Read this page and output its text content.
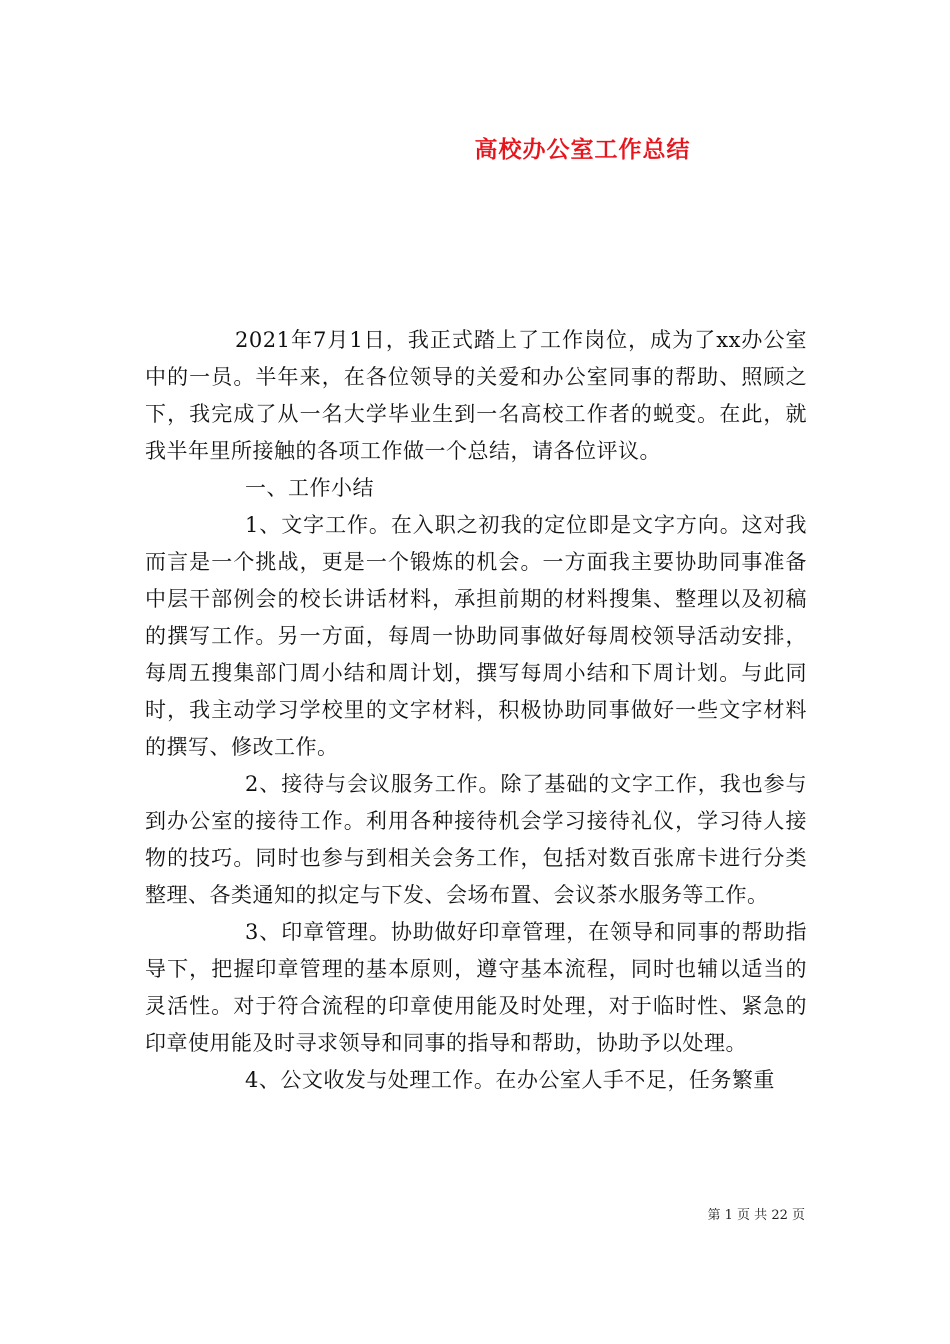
高校办公室工作总结

2021年7月1日，我正式踏上了工作岗位，成为了xx办公室中的一员。半年来，在各位领导的关爱和办公室同事的帮助、照顾之下，我完成了从一名大学毕业生到一名高校工作者的蜕变。在此，就我半年里所接触的各项工作做一个总结，请各位评议。

一、工作小结

1、文字工作。在入职之初我的定位即是文字方向。这对我而言是一个挑战，更是一个锻炼的机会。一方面我主要协助同事准备中层干部例会的校长讲话材料，承担前期的材料搜集、整理以及初稿的撰写工作。另一方面，每周一协助同事做好每周校领导活动安排，每周五搜集部门周小结和周计划，撰写每周小结和下周计划。与此同时，我主动学习学校里的文字材料，积极协助同事做好一些文字材料的撰写、修改工作。

2、接待与会议服务工作。除了基础的文字工作，我也参与到办公室的接待工作。利用各种接待机会学习接待礼仪，学习待人接物的技巧。同时也参与到相关会务工作，包括对数百张席卡进行分类整理、各类通知的拟定与下发、会场布置、会议茶水服务等工作。

3、印章管理。协助做好印章管理，在领导和同事的帮助指导下，把握印章管理的基本原则，遵守基本流程，同时也辅以适当的灵活性。对于符合流程的印章使用能及时处理，对于临时性、紧急的印章使用能及时寻求领导和同事的指导和帮助，协助予以处理。

4、公文收发与处理工作。在办公室人手不足，任务繁重

第 1 页 共 22 页
